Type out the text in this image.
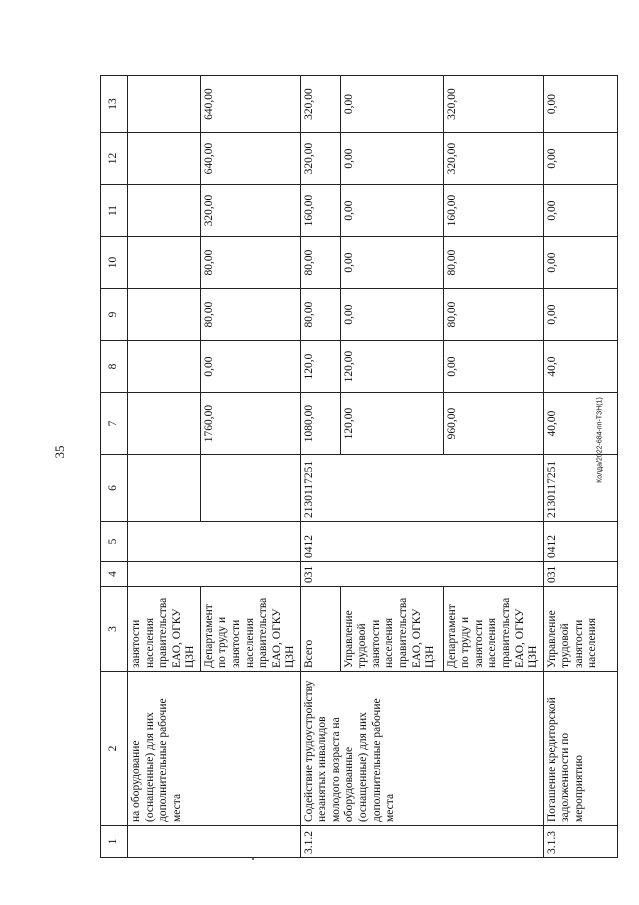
35	Колда/2022-684-пп-ТЗН(1)
1	2	3	4	5	6	7	8	9	10	11	12	13
	на оборудование (оснащенные) для них дополнительные рабочие места	занятости населения правительства ЕАО, ОГКУ ЦЗН										
		Департамент по труду и занятости населения правительства ЕАО, ОГКУ ЦЗН				1760,00	0,00	80,00	80,00	320,00	640,00	640,00
3.1.2	Содействие трудоустройству незанятых инвалидов молодого возраста на оборудованные (оснащенные) для них дополнительные рабочие места	Всего	031	0412	2130117251	1080,00	120,0	80,00	80,00	160,00	320,00	320,00
		Управление трудовой занятости населения правительства ЕАО, ОГКУ ЦЗН				120,00	120,00	0,00	0,00	0,00	0,00	0,00
		Департамент по труду и занятости населения правительства ЕАО, ОГКУ ЦЗН				960,00	0,00	80,00	80,00	160,00	320,00	320,00
3.1.3	Погашение кредиторской задолженности по мероприятию	Управление трудовой занятости населения	031	0412	2130117251	40,00	40,0	0,00	0,00	0,00	0,00	0,00
